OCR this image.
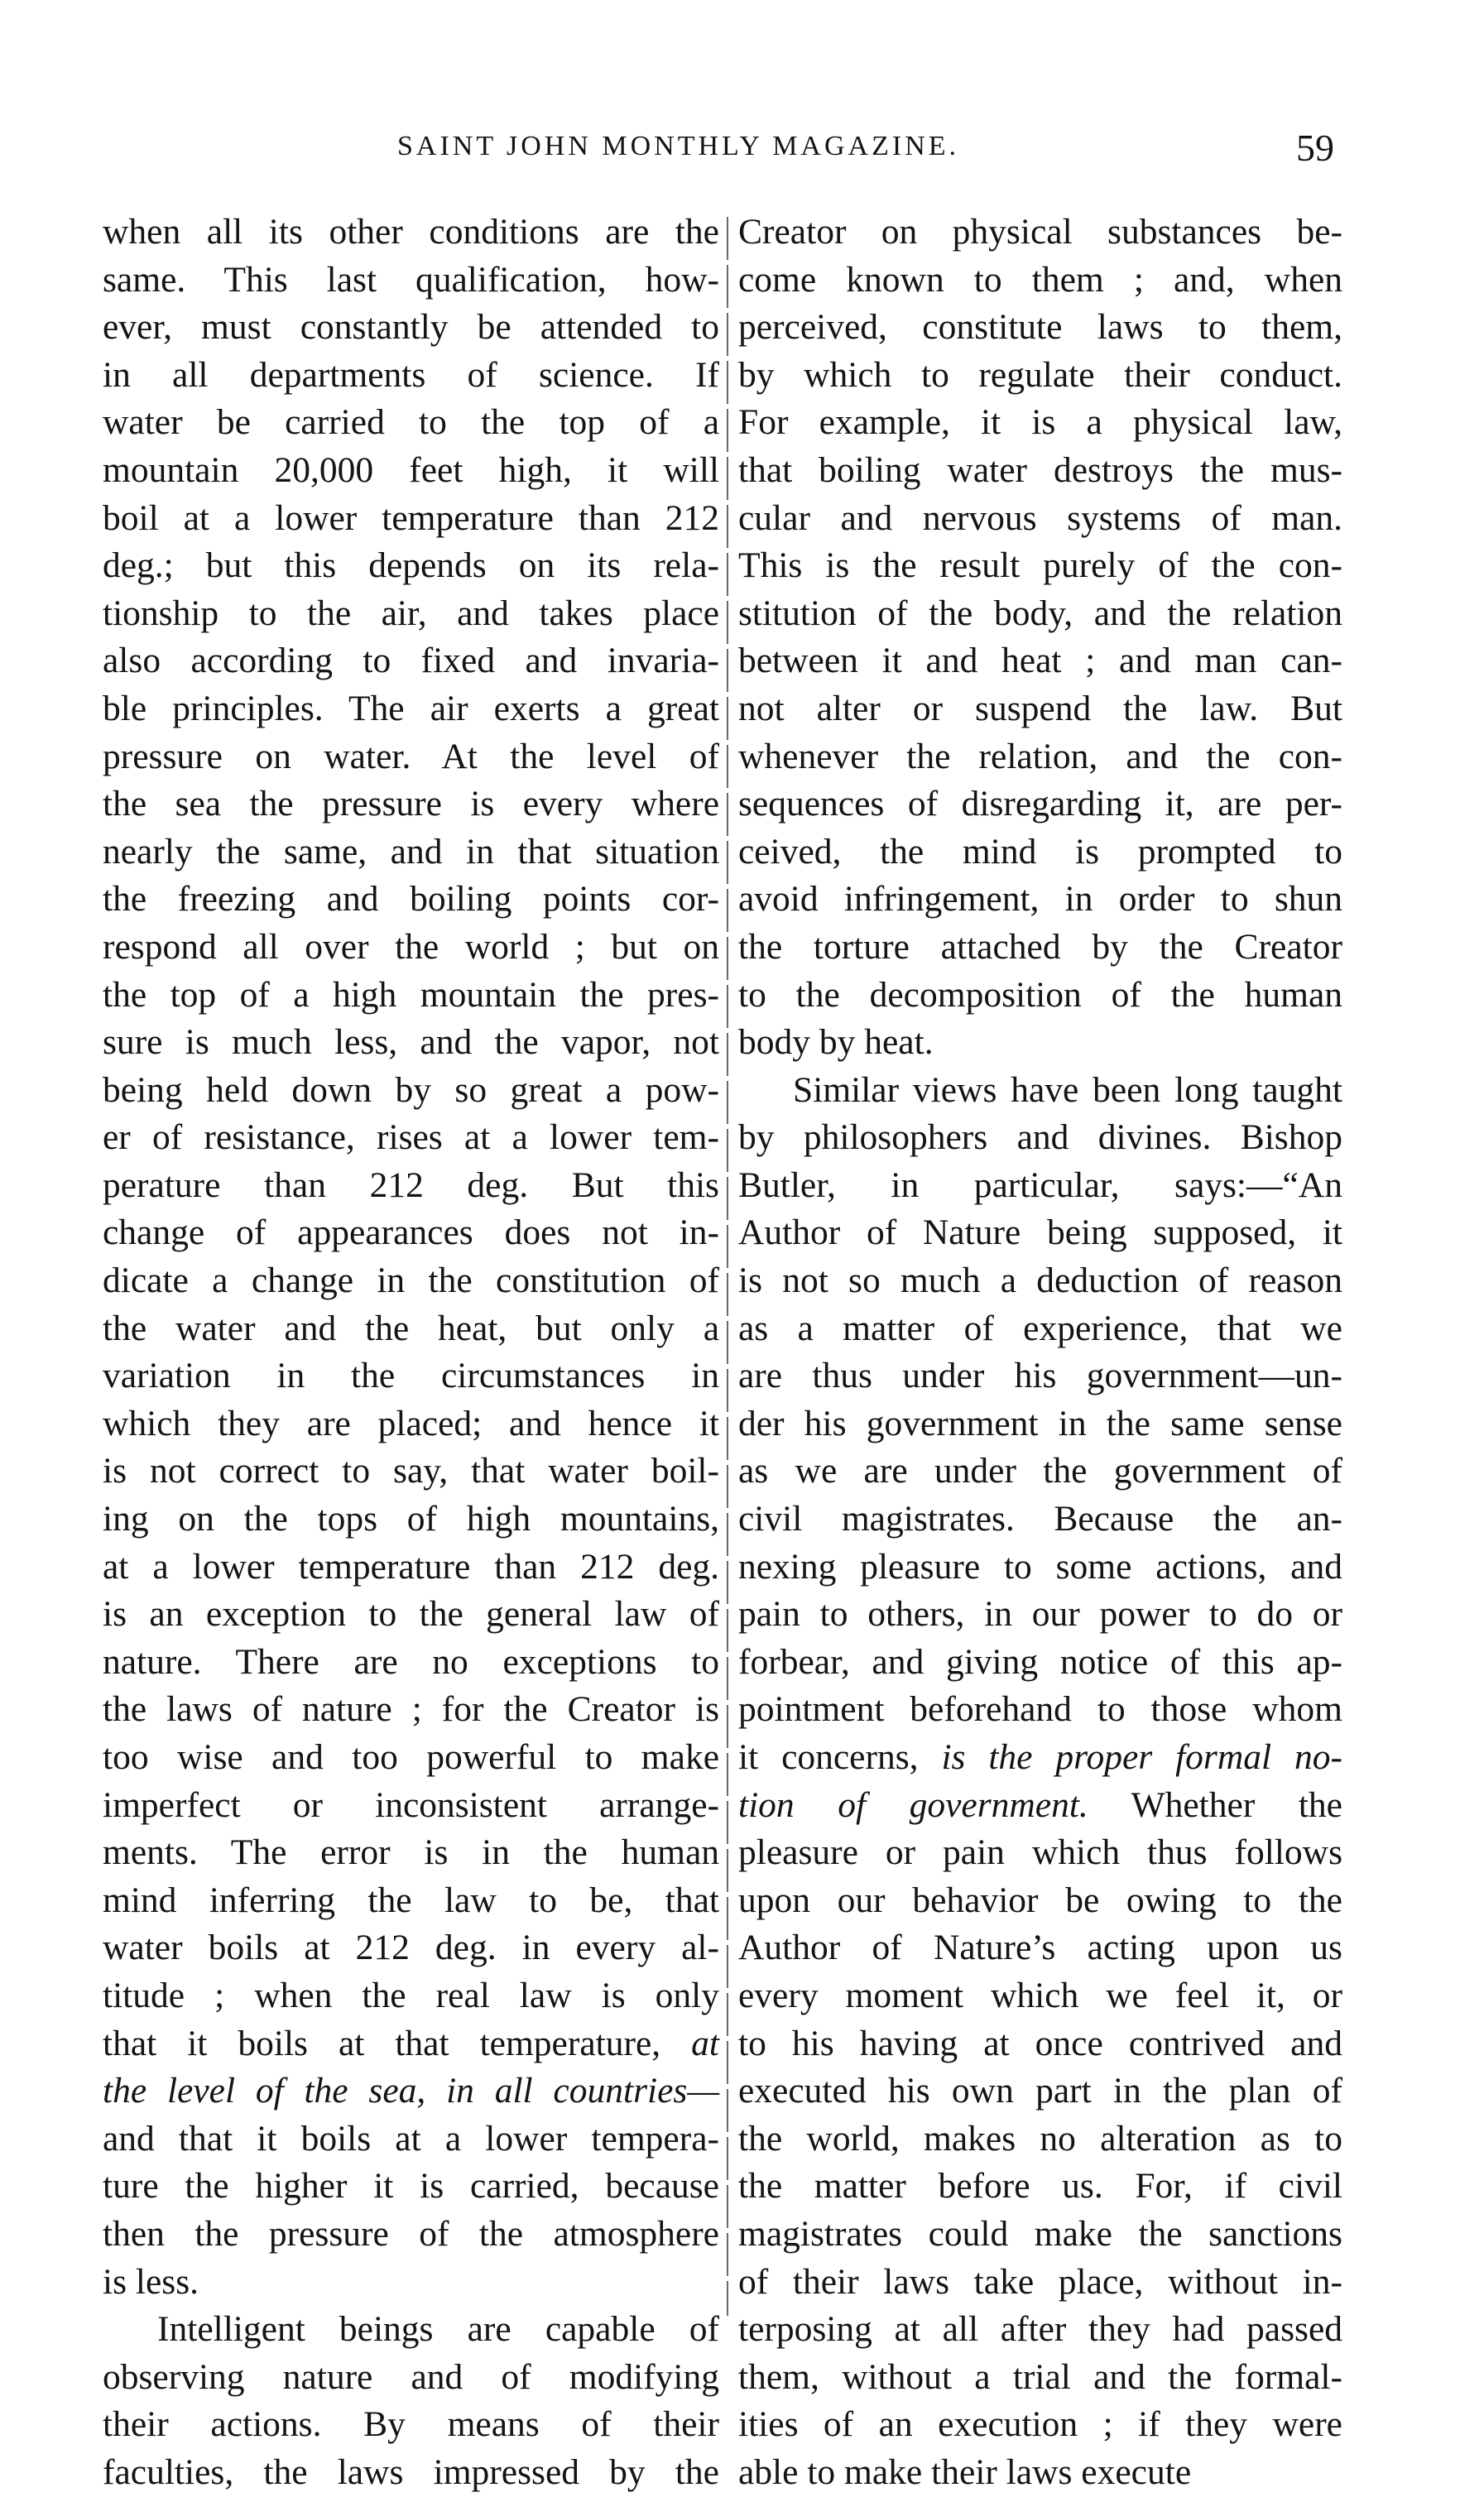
SAINT JOHN MONTHLY MAGAZINE.	59
when all its other conditions are the
same. This last qualification, how-
ever, must constantly be attended to
in all departments of science. If
water be carried to the top of a
mountain 20,000 feet high, it will
boil at a lower temperature than 212
deg.; but this depends on its rela-
tionship to the air, and takes place
also according to fixed and invaria-
ble principles. The air exerts a great
pressure on water. At the level of
the sea the pressure is every where
nearly the same, and in that situation
the freezing and boiling points cor-
respond all over the world ; but on
the top of a high mountain the pres-
sure is much less, and the vapor, not
being held down by so great a pow-
er of resistance, rises at a lower tem-
perature than 212 deg. But this
change of appearances does not in-
dicate a change in the constitution of
the water and the heat, but only a
variation in the circumstances in
which they are placed; and hence it
is not correct to say, that water boil-
ing on the tops of high mountains,
at a lower temperature than 212 deg.
is an exception to the general law of
nature. There are no exceptions to
the laws of nature ; for the Creator is
too wise and too powerful to make
imperfect or inconsistent arrange-
ments. The error is in the human
mind inferring the law to be, that
water boils at 212 deg. in every al-
titude ; when the real law is only
that it boils at that temperature, at
the level of the sea, in all countries—
and that it boils at a lower tempera-
ture the higher it is carried, because
then the pressure of the atmosphere
is less.
Intelligent beings are capable of
observing nature and of modifying
their actions. By means of their
faculties, the laws impressed by the
Creator on physical substances be-
come known to them ; and, when
perceived, constitute laws to them,
by which to regulate their conduct.
For example, it is a physical law,
that boiling water destroys the mus-
cular and nervous systems of man.
This is the result purely of the con-
stitution of the body, and the relation
between it and heat ; and man can-
not alter or suspend the law. But
whenever the relation, and the con-
sequences of disregarding it, are per-
ceived, the mind is prompted to
avoid infringement, in order to shun
the torture attached by the Creator
to the decomposition of the human
body by heat.
Similar views have been long taught
by philosophers and divines. Bishop
Butler, in particular, says:—“An
Author of Nature being supposed, it
is not so much a deduction of reason
as a matter of experience, that we
are thus under his government—un-
der his government in the same sense
as we are under the government of
civil magistrates. Because the an-
nexing pleasure to some actions, and
pain to others, in our power to do or
forbear, and giving notice of this ap-
pointment beforehand to those whom
it concerns, is the proper formal no-
tion of government. Whether the
pleasure or pain which thus follows
upon our behavior be owing to the
Author of Nature’s acting upon us
every moment which we feel it, or
to his having at once contrived and
executed his own part in the plan of
the world, makes no alteration as to
the matter before us. For, if civil
magistrates could make the sanctions
of their laws take place, without in-
terposing at all after they had passed
them, without a trial and the formal-
ities of an execution ; if they were
able to make their laws execute
